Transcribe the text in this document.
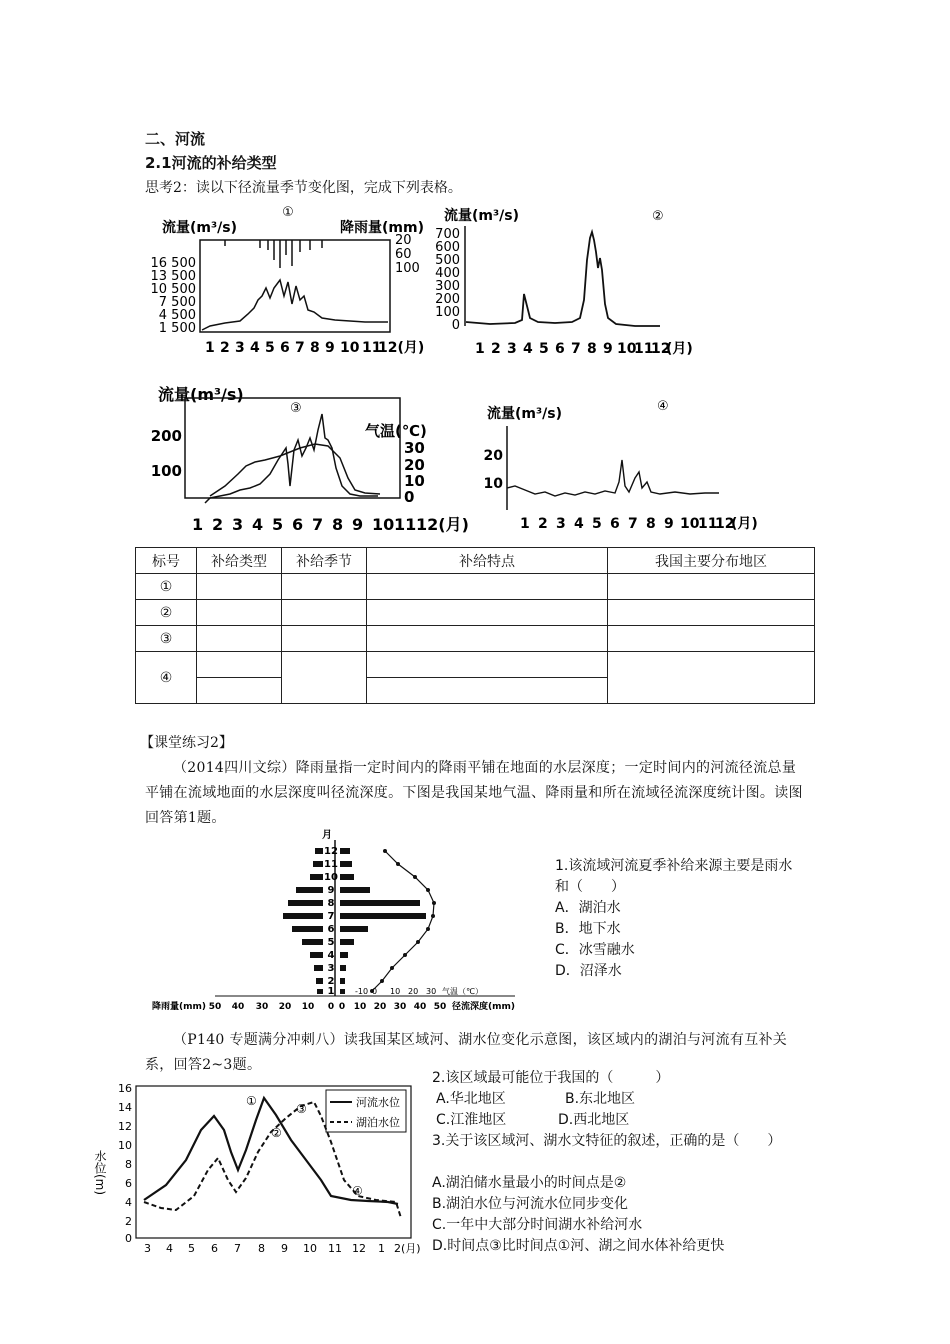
二、河流
2.1河流的补给类型
思考2：读以下径流量季节变化图，完成下列表格。
①
流量(m³/s)	降雨量(mm)
16 500
13 500
10 500
7 500
4 500
1 500
20
60
100
1 2 3 4 5 6 7 8 9 10 11
12(月)
②
流量(m³/s)
700
600
500
400
300
200
100
0
1 2 3 4 5 6 7 8 9 10
11
12
(月)
③
流量(m³/s)
气温(℃)
200
100
30
20
10
0
1 2 3 4 5 6 7 8 9 10 11 12(月)
④
流量(m³/s)
20
10
1 2 3 4 5 6 7 8 9 10
11
12
(月)
标号	补给类型	补给季节	补给特点	我国主要分布地区
①				
②				
③				
④				

【课堂练习2】
（2014四川文综）降雨量指一定时间内的降雨平铺在地面的水层深度；一定时间内的河流径流总量平铺在流域地面的水层深度叫径流深度。下图是我国某地气温、降雨量和所在流域径流深度统计图。读图回答第1题。
月
12
11
10
9
8
7
6
5
4
3
2
1	-10 0 10 20 30 气温（℃）
50 40 30 20 10 0
降雨量(mm)	0 10 20 30 40 50 径流深度(mm)
1.该流域河流夏季补给来源主要是雨水和（　　）
A．湖泊水
B．地下水
C．冰雪融水
D．沼泽水
（P140 专题满分冲刺八）读我国某区域河、湖水位变化示意图，该区域内的湖泊与河流有互补关系，回答2~3题。
16
14
12
10
8
6
4
2
0
水位(m)
河流水位
湖泊水位
①
②
③
④
3 4 5 6 7 8 9 10 11 12 1 2(月)
2.该区域最可能位于我国的（　　　）
A.华北地区	B.东北地区
C.江淮地区	D.西北地区
3.关于该区域河、湖水文特征的叙述，正确的是（　　）
A.湖泊储水量最小的时间点是②
B.湖泊水位与河流水位同步变化
C.一年中大部分时间湖水补给河水
D.时间点③比时间点①河、湖之间水体补给更快
